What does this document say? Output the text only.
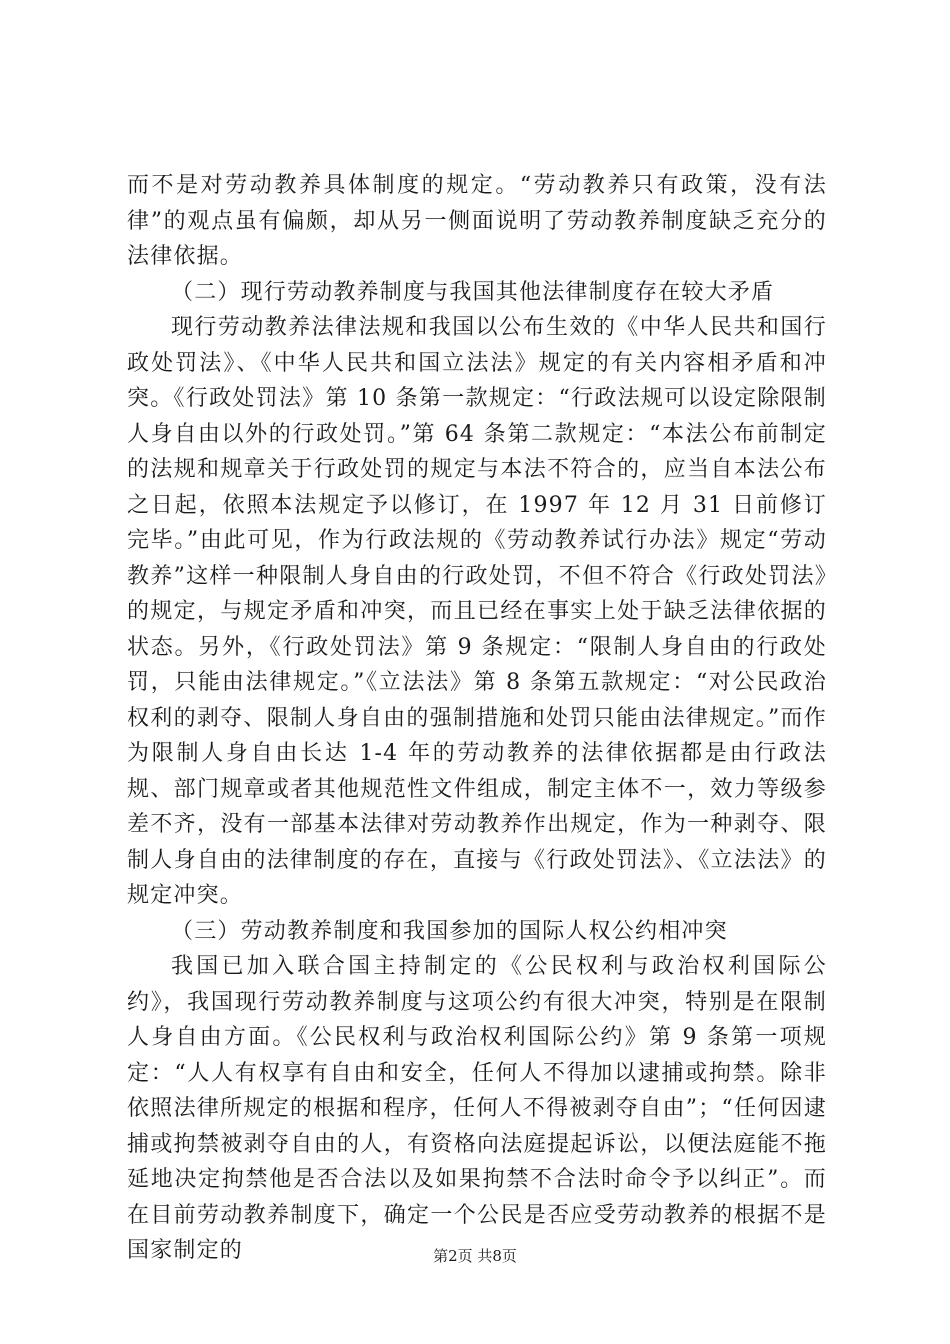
而不是对劳动教养具体制度的规定。“劳动教养只有政策，没有法律”的观点虽有偏颇，却从另一侧面说明了劳动教养制度缺乏充分的法律依据。

（二）现行劳动教养制度与我国其他法律制度存在较大矛盾

现行劳动教养法律法规和我国以公布生效的《中华人民共和国行政处罚法》、《中华人民共和国立法法》规定的有关内容相矛盾和冲突。《行政处罚法》第 10 条第一款规定：“行政法规可以设定除限制人身自由以外的行政处罚。”第 64 条第二款规定：“本法公布前制定的法规和规章关于行政处罚的规定与本法不符合的，应当自本法公布之日起，依照本法规定予以修订，在 1997 年 12 月 31 日前修订完毕。”由此可见，作为行政法规的《劳动教养试行办法》规定“劳动教养”这样一种限制人身自由的行政处罚，不但不符合《行政处罚法》的规定，与规定矛盾和冲突，而且已经在事实上处于缺乏法律依据的状态。另外，《行政处罚法》第 9 条规定：“限制人身自由的行政处罚，只能由法律规定。”《立法法》第 8 条第五款规定：“对公民政治权利的剥夺、限制人身自由的强制措施和处罚只能由法律规定。”而作为限制人身自由长达 1-4 年的劳动教养的法律依据都是由行政法规、部门规章或者其他规范性文件组成，制定主体不一，效力等级参差不齐，没有一部基本法律对劳动教养作出规定，作为一种剥夺、限制人身自由的法律制度的存在，直接与《行政处罚法》、《立法法》的规定冲突。

（三）劳动教养制度和我国参加的国际人权公约相冲突

我国已加入联合国主持制定的《公民权利与政治权利国际公约》，我国现行劳动教养制度与这项公约有很大冲突，特别是在限制人身自由方面。《公民权利与政治权利国际公约》第 9 条第一项规定：“人人有权享有自由和安全，任何人不得加以逮捕或拘禁。除非依照法律所规定的根据和程序，任何人不得被剥夺自由”；“任何因逮捕或拘禁被剥夺自由的人，有资格向法庭提起诉讼，以便法庭能不拖延地决定拘禁他是否合法以及如果拘禁不合法时命令予以纠正”。而在目前劳动教养制度下，确定一个公民是否应受劳动教养的根据不是国家制定的	第2页 共8页
